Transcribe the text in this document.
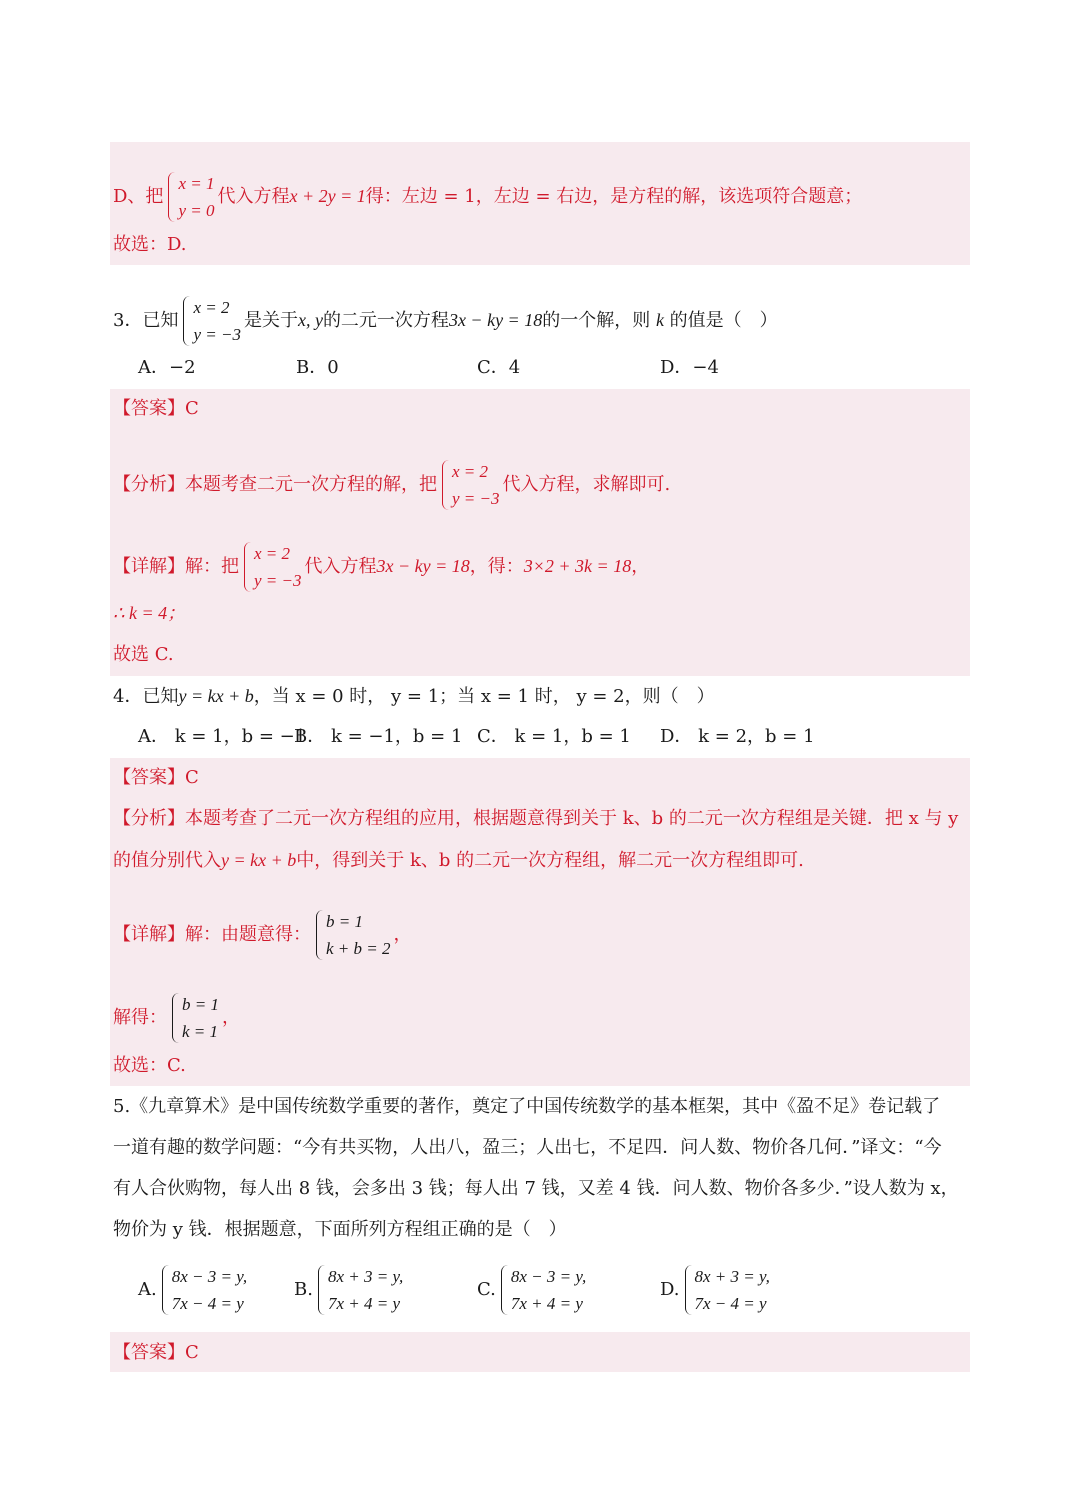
D、把
x = 1
y = 0
代入方程x + 2y = 1得：左边 = 1，左边 = 右边，是方程的解，该选项符合题意；
故选：D.
3．已知
x = 2
y = −3
是关于x, y的二元一次方程3x − ky = 18的一个解，则 k 的值是（　）
A．−2	B．0	C．4	D．−4
【答案】C
【分析】本题考查二元一次方程的解，把
x = 2
y = −3
代入方程，求解即可.
【详解】解：把
x = 2
y = −3
代入方程3x − ky = 18，得：3×2 + 3k = 18，
∴ k = 4；
故选 C.
4．已知y = kx + b，当 x = 0 时， y = 1；当 x = 1 时， y = 2，则（　）
A． k = 1，b = −1
B． k = −1，b = 1 C． k = 1，b = 1 D． k = 2，b = 1
【答案】C
【分析】本题考查了二元一次方程组的应用，根据题意得到关于 k、b 的二元一次方程组是关键．把 x 与 y
的值分别代入y = kx + b中，得到关于 k、b 的二元一次方程组，解二元一次方程组即可.
【详解】解：由题意得：
b = 1
k + b = 2
，
解得：
b = 1
k = 1
，
故选：C.
5.《九章算术》是中国传统数学重要的著作，奠定了中国传统数学的基本框架，其中《盈不足》卷记载了
一道有趣的数学问题：“今有共买物，人出八，盈三；人出七，不足四．问人数、物价各几何．”译文：“今
有人合伙购物，每人出 8 钱，会多出 3 钱；每人出 7 钱，又差 4 钱．问人数、物价各多少．”设人数为 x，
物价为 y 钱．根据题意，下面所列方程组正确的是（　）
A.
8x − 3 = y,
7x − 4 = y
B.
8x + 3 = y,
7x + 4 = y
C.
8x − 3 = y,
7x + 4 = y
D.
8x + 3 = y,
7x − 4 = y
【答案】C
